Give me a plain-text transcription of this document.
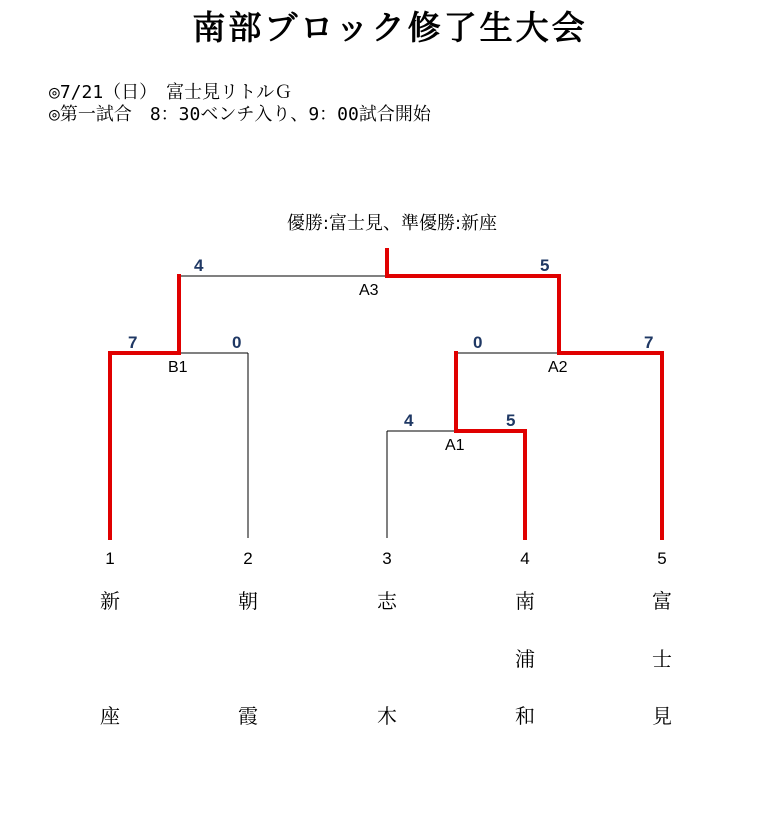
南部ブロック修了生大会
◎7/21（日）　富士見リトルＧ
◎第一試合　8：30ベンチ入り、9：00試合開始
優勝:富士見、準優勝:新座
4	5
A3
7	0
B1
0	7
A2
4	5
A1
1	2	3	4	5
新
座
朝
霞
志
木
南
浦
和
富
士
見
